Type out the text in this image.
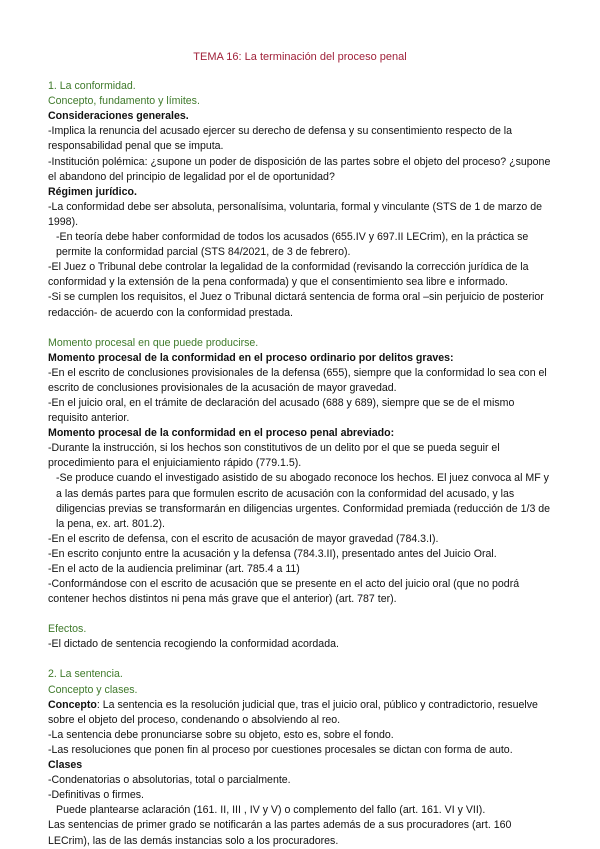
TEMA 16: La terminación del proceso penal

1. La conformidad.

Concepto, fundamento y límites.

Consideraciones generales.

-Implica la renuncia del acusado ejercer su derecho de defensa y su consentimiento respecto de la responsabilidad penal que se imputa.

-Institución polémica: ¿supone un poder de disposición de las partes sobre el objeto del proceso? ¿supone el abandono del principio de legalidad por el de oportunidad?

Régimen jurídico.

-La conformidad debe ser absoluta, personalísima, voluntaria, formal y vinculante (STS de 1 de marzo de 1998).

-En teoría debe haber conformidad de todos los acusados (655.IV y 697.II LECrim), en la práctica se permite la conformidad parcial (STS 84/2021, de 3 de febrero).

-El Juez o Tribunal debe controlar la legalidad de la conformidad (revisando la corrección jurídica de la conformidad y la extensión de la pena conformada) y que el consentimiento sea libre e informado.

-Si se cumplen los requisitos, el Juez o Tribunal dictará sentencia de forma oral –sin perjuicio de posterior redacción- de acuerdo con la conformidad prestada.

Momento procesal en que puede producirse.

Momento procesal de la conformidad en el proceso ordinario por delitos graves:

-En el escrito de conclusiones provisionales de la defensa (655), siempre que la conformidad lo sea con el escrito de conclusiones provisionales de la acusación de mayor gravedad.

-En el juicio oral, en el trámite de declaración del acusado (688 y 689), siempre que se de el mismo requisito anterior.

Momento procesal de la conformidad en el proceso penal abreviado:

-Durante la instrucción, si los hechos son constitutivos de un delito por el que se pueda seguir el procedimiento para el enjuiciamiento rápido (779.1.5).

-Se produce cuando el investigado asistido de su abogado reconoce los hechos. El juez convoca al MF y a las demás partes para que formulen escrito de acusación con la conformidad del acusado, y las diligencias previas se transformarán en diligencias urgentes. Conformidad premiada (reducción de 1/3 de la pena, ex. art. 801.2).

-En el escrito de defensa, con el escrito de acusación de mayor gravedad (784.3.I).

-En escrito conjunto entre la acusación y la defensa (784.3.II), presentado antes del Juicio Oral.

-En el acto de la audiencia preliminar (art. 785.4 a 11)

-Conformándose con el escrito de acusación que se presente en el acto del juicio oral (que no podrá contener hechos distintos ni pena más grave que el anterior) (art. 787 ter).

Efectos.

-El dictado de sentencia recogiendo la conformidad acordada.

2. La sentencia.

Concepto y clases.

Concepto: La sentencia es la resolución judicial que, tras el juicio oral, público y contradictorio, resuelve sobre el objeto del proceso, condenando o absolviendo al reo.

-La sentencia debe pronunciarse sobre su objeto, esto es, sobre el fondo.

-Las resoluciones que ponen fin al proceso por cuestiones procesales se dictan con forma de auto.

Clases

-Condenatorias o absolutorias, total o parcialmente.

-Definitivas o firmes.

Puede plantearse aclaración (161. II, III , IV y V) o complemento del fallo (art. 161. VI y VII).

Las sentencias de primer grado se notificarán a las partes además de a sus procuradores (art. 160 LECrim), las de las demás instancias solo a los procuradores.
